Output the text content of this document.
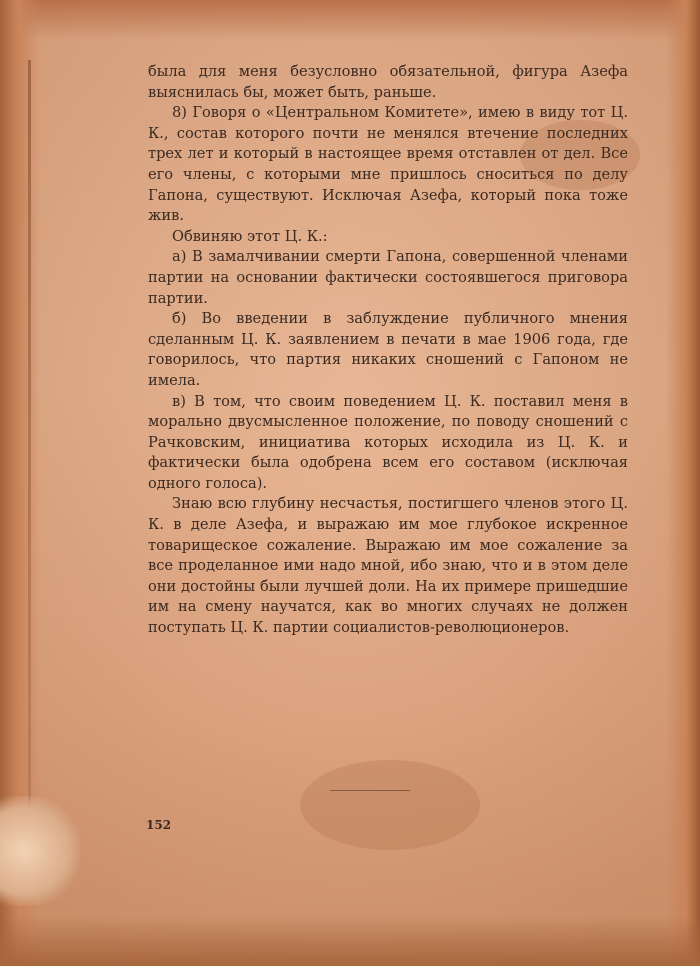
была для меня безусловно обязательной, фигура Азефа выяснилась бы, может быть, раньше.

8) Говоря о «Центральном Комитете», имею в виду тот Ц. К., состав которого почти не менялся втечение последних трех лет и который в настоящее время отставлен от дел. Все его члены, с которыми мне пришлось сноситься по делу Гапона, существуют. Исключая Азефа, который пока тоже жив.

Обвиняю этот Ц. К.:

а) В замалчивании смерти Гапона, совершенной членами партии на основании фактически состоявшегося приговора партии.

б) Во введении в заблуждение публичного мнения сделанным Ц. К. заявлением в печати в мае 1906 года, где говорилось, что партия никаких сношений с Гапоном не имела.

в) В том, что своим поведением Ц. К. поставил меня в морально двусмысленное положение, по поводу сношений с Рачковским, инициатива которых исходила из Ц. К. и фактически была одобрена всем его составом (исключая одного голоса).

Знаю всю глубину несчастья, постигшего членов этого Ц. К. в деле Азефа, и выражаю им мое глубокое искренное товарищеское сожаление. Выражаю им мое сожаление за все проделанное ими надо мной, ибо знаю, что и в этом деле они достойны были лучшей доли. На их примере пришедшие им на смену научатся, как во многих случаях не должен поступать Ц. К. партии социалистов-революционеров.

152
